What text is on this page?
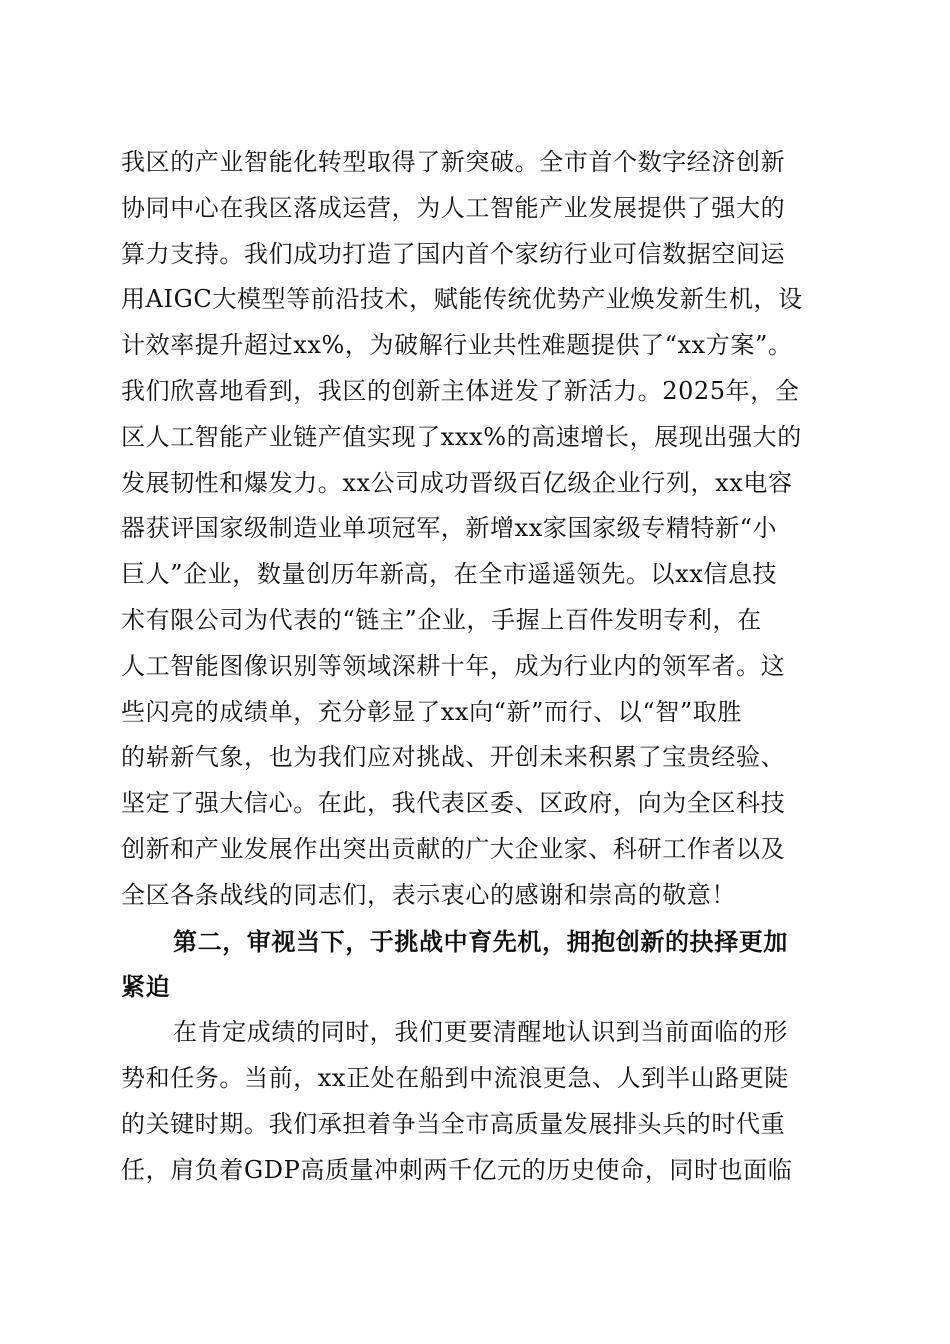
我区的产业智能化转型取得了新突破。全市首个数字经济创新
协同中心在我区落成运营，为人工智能产业发展提供了强大的
算力支持。我们成功打造了国内首个家纺行业可信数据空间运
用AIGC大模型等前沿技术，赋能传统优势产业焕发新生机，设
计效率提升超过xx%，为破解行业共性难题提供了“xx方案”。
我们欣喜地看到，我区的创新主体迸发了新活力。2025年，全
区人工智能产业链产值实现了xxx%的高速增长，展现出强大的
发展韧性和爆发力。xx公司成功晋级百亿级企业行列，xx电容
器获评国家级制造业单项冠军，新增xx家国家级专精特新“小
巨人”企业，数量创历年新高，在全市遥遥领先。以xx信息技
术有限公司为代表的“链主”企业，手握上百件发明专利，在
人工智能图像识别等领域深耕十年，成为行业内的领军者。这
些闪亮的成绩单，充分彰显了xx向“新”而行、以“智”取胜
的崭新气象，也为我们应对挑战、开创未来积累了宝贵经验、
坚定了强大信心。在此，我代表区委、区政府，向为全区科技
创新和产业发展作出突出贡献的广大企业家、科研工作者以及
全区各条战线的同志们，表示衷心的感谢和崇高的敬意！
第二，审视当下，于挑战中育先机，拥抱创新的抉择更加
紧迫
在肯定成绩的同时，我们更要清醒地认识到当前面临的形
势和任务。当前，xx正处在船到中流浪更急、人到半山路更陡
的关键时期。我们承担着争当全市高质量发展排头兵的时代重
任，肩负着GDP高质量冲刺两千亿元的历史使命，同时也面临
